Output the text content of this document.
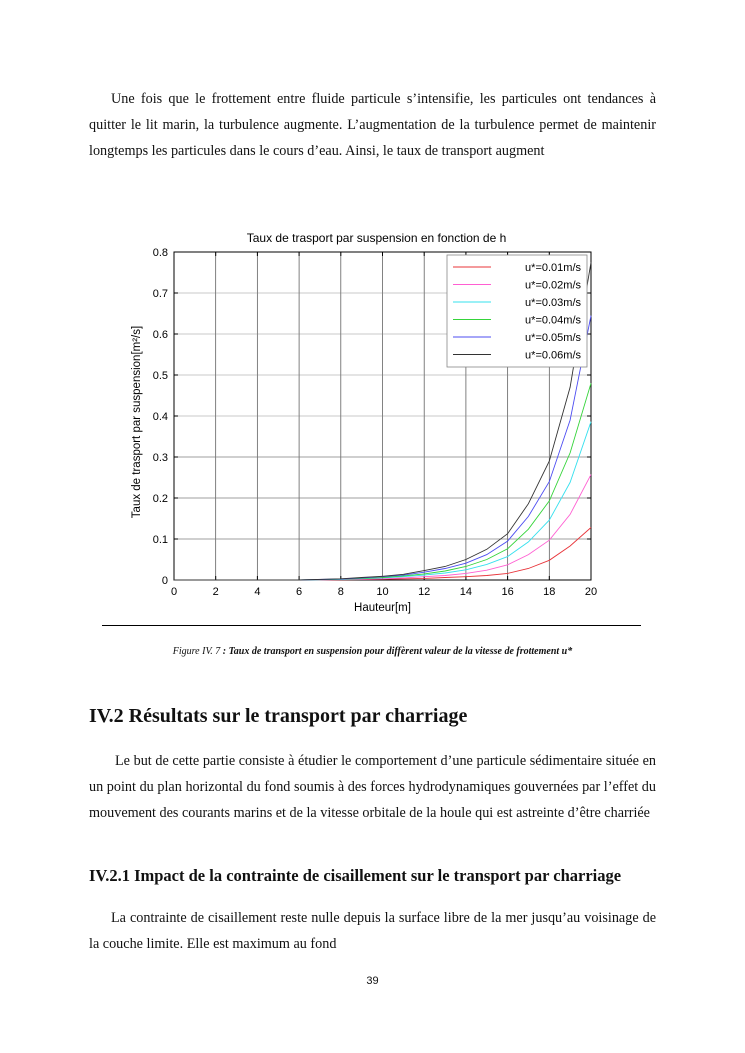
Une fois que le frottement entre fluide particule s’intensifie, les particules ont tendances à quitter le lit marin, la turbulence augmente. L’augmentation de la turbulence permet de maintenir longtemps les particules dans le cours d’eau. Ainsi, le taux de transport augment

0	2	4	6	8	10	12	14	16	18	20
0
0.1
0.2
0.3
0.4
0.5
0.6
0.7
0.8
Taux de trasport par suspension en fonction de h
Hauteur[m]
Taux de trasport par suspension[m²/s]
u*=0.01m/s
u*=0.02m/s
u*=0.03m/s
u*=0.04m/s
u*=0.05m/s
u*=0.06m/s
Figure IV. 7 : Taux de transport en suspension pour diffèrent valeur de la vitesse de frottement u*
IV.2 Résultats sur le transport par charriage

Le but de cette partie consiste à étudier le comportement d’une particule sédimentaire située en un point du plan horizontal du fond soumis à des forces hydrodynamiques gouvernées par l’effet du mouvement des courants marins et de la vitesse orbitale de la houle qui est astreinte d’être charriée

IV.2.1 Impact de la contrainte de cisaillement sur le transport par charriage

La contrainte de cisaillement reste nulle depuis la surface libre de la mer jusqu’au voisinage de la couche limite. Elle est maximum au fond

39
